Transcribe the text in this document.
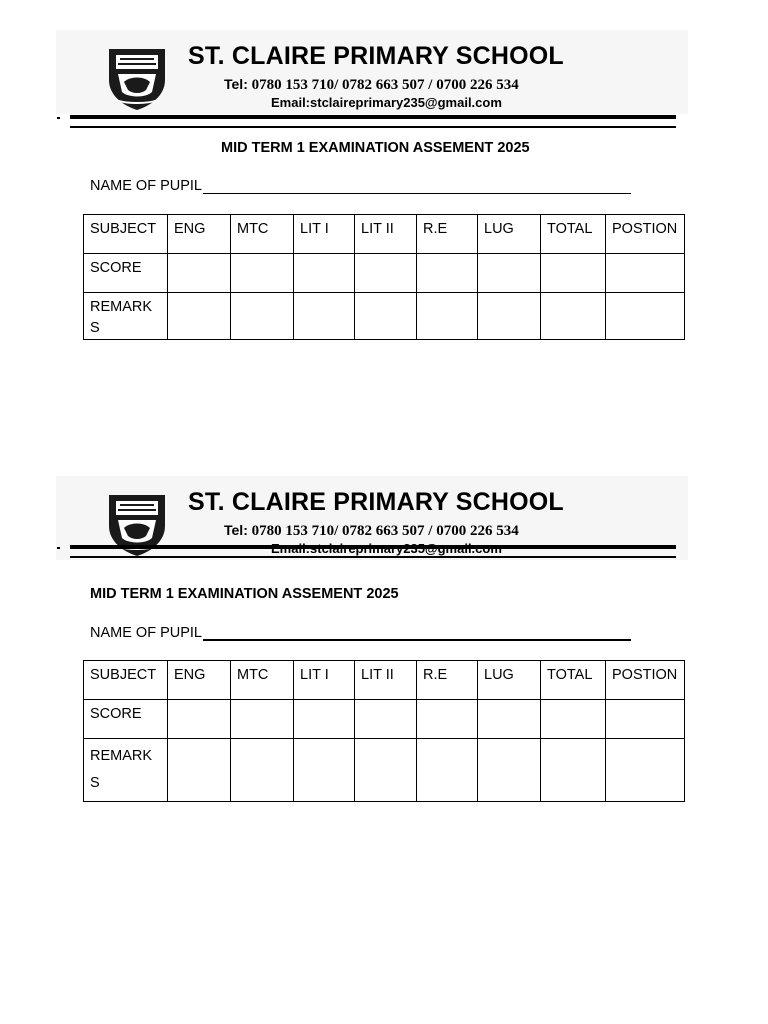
ST. CLAIRE PRIMARY SCHOOL
Tel: 0780 153 710/ 0782 663 507 / 0700 226 534
Email:stclaireprimary235@gmail.com
MID TERM 1 EXAMINATION ASSEMENT 2025
NAME OF PUPIL
SUBJECT	ENG	MTC	LIT I	LIT II	R.E	LUG	TOTAL	POSTION
SCORE								
REMARKS								
ST. CLAIRE PRIMARY SCHOOL
Tel: 0780 153 710/ 0782 663 507 / 0700 226 534
MID TERM 1 EXAMINATION ASSEMENT 2025
NAME OF PUPIL
SUBJECT	ENG	MTC	LIT I	LIT II	R.E	LUG	TOTAL	POSTION
SCORE								
REMARKS								
